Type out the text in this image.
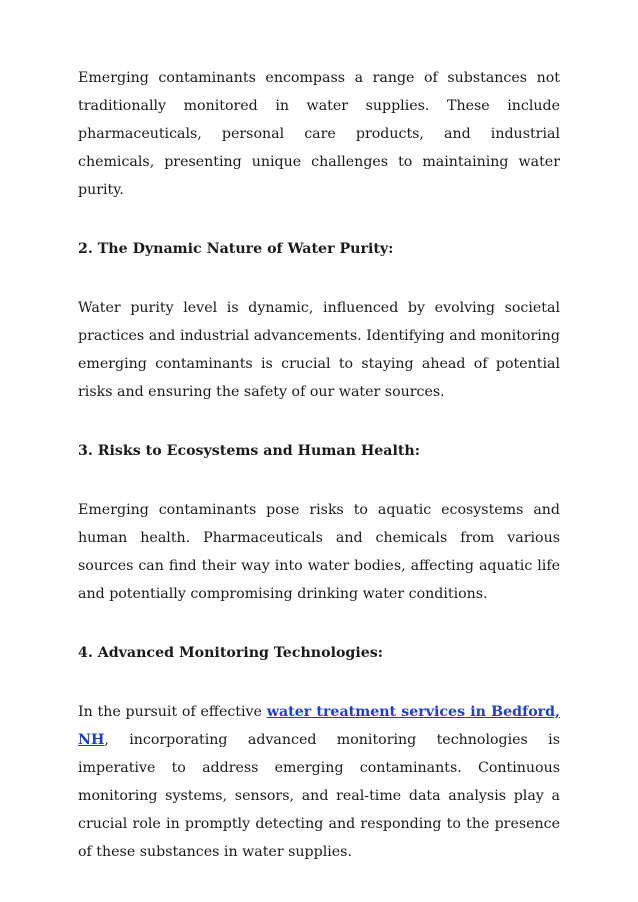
Emerging contaminants encompass a range of substances not traditionally monitored in water supplies. These include pharmaceuticals, personal care products, and industrial chemicals, presenting unique challenges to maintaining water purity.

2. The Dynamic Nature of Water Purity:

Water purity level is dynamic, influenced by evolving societal practices and industrial advancements. Identifying and monitoring emerging contaminants is crucial to staying ahead of potential risks and ensuring the safety of our water sources.

3. Risks to Ecosystems and Human Health:

Emerging contaminants pose risks to aquatic ecosystems and human health. Pharmaceuticals and chemicals from various sources can find their way into water bodies, affecting aquatic life and potentially compromising drinking water conditions.

4. Advanced Monitoring Technologies:

In the pursuit of effective water treatment services in Bedford, NH, incorporating advanced monitoring technologies is imperative to address emerging contaminants. Continuous monitoring systems, sensors, and real-time data analysis play a crucial role in promptly detecting and responding to the presence of these substances in water supplies.
